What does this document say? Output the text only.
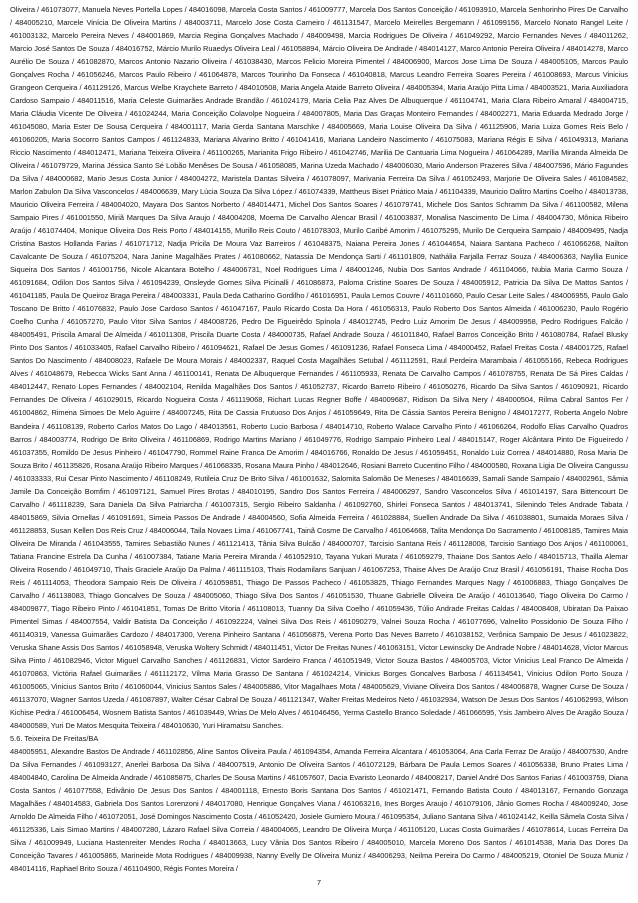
Oliveira / 461073077, Manuela Neves Portella Lopes / 484016098, Marcela Costa Santos / 461009777, Marcela Dos Santos Conceição / 461093910, Marcela Senhorinho Pires De Carvalho / 484005210, Marcele Vinícia De Oliveira Martins / 484003711, Marcelo Jose Costa Carneiro / 461131547, Marcelo Meirelles Bergemann / 461099156, Marcelo Nonato Rangel Leite / 461003132, Marcelo Pereira Neves / 484001869, Marcia Regina Gonçalves Machado / 484009498, Marcia Rodrigues De Oliveira / 461049292, Marcio Fernandes Neves / 484011262, Marcio José Santos De Souza / 484016752, Márcio Murilo Ruaedys Oliveira Leal / 461058894, Márcio Oliveira De Andrade / 484014127, Marco Antonio Pereira Oliveira / 484014278, Marco Aurélio De Souza / 461082870, Marcos Antonio Nazario Oliveira / 461038430, Marcos Felicio Moreira Pimentel / 484006900, Marcos Jose Lima De Souza / 484005105, Marcos Paulo Gonçalves Rocha / 461056246, Marcos Paulo Ribeiro / 461064878, Marcos Tourinho Da Fonseca / 461040818, Marcus Leandro Ferreira Soares Pereira / 461008693, Marcus Vinicius Grangeon Cerqueira / 461129126, Marcus Welbe Kraychete Barreto / 484010508, Maria Angela Ataide Barreto Oliveira / 484005394, Maria Araújo Pitta Lima / 484003521, Maria Auxiliadora Cardoso Sampaio / 484011516, Maria Celeste Guimarães Andrade Brandão / 461024179, Maria Celia Paz Alves De Albuquerque / 461104741, Maria Clara Ribeiro Amaral / 484004715, Maria Cláudia Vicente De Oliveira / 461024244, Maria Conceição Colavolpe Nogueira / 484007805, Maria Das Graças Monteiro Fernandes / 484002271, Maria Eduarda Medrado Jorge / 461045080, Maria Ester De Sousa Cerqueira / 484001117, Maria Gerda Santana Marschke / 484005669, Maria Louise Oliveira Da Silva / 461125906, Maria Luiza Gomes Reis Belo / 461060205, Maria Socorro Santos Campos / 461124833, Mariana Alvarino Britto / 461041416, Mariana Landeiro Nascimento / 461075083, Mariana Régis E Silva / 461049313, Mariana Riccio Nascimento / 484012471, Mariana Teixeira Oliveira / 461100265, Marianita Frigo Ribeiro / 461042746, Marilia De Cantuaria Lima Nogueira / 461064289, Marília Miranda Almeida De Oliveira / 461079729, Marina Jéssica Santo Sé Lobão Menêses De Sousa / 461058085, Marina Uzeda Machado / 484006030, Mario Anderson Prazeres Silva / 484007596, Mário Fagundes Da Silva / 484000682, Mario Jesus Costa Junior / 484004272, Maristela Dantas Silveira / 461078097, Marivania Ferreira Da Silva / 461052493, Marjorie De Oliveira Sales / 461084582, Marlon Zabulon Da Silva Vasconcelos / 484006639, Mary Lúcia Souza Da Silva López / 461074339, Mattheus Biset Priático Maia / 461104339, Mauricio Dalitro Martins Coelho / 484013738, Mauricio Oliveira Ferreira / 484004020, Mayara Dos Santos Norberto / 484014471, Michel Dos Santos Soares / 461079741, Michele Dos Santos Schramm Da Silva / 461100582, Milena Sampaio Pires / 461001550, Miriã Marques Da Silva Araujo / 484004208, Moema De Carvalho Alencar Brasil / 461003837, Monalisa Nascimento De Lima / 484004730, Mônica Ribeiro Araújo / 461074404, Monique Oliveira Dos Reis Porto / 484014155, Murillo Reis Couto / 461078303, Murilo Caribé Amorim / 461075295, Murilo De Cerqueira Sampaio / 484009495, Nadja Cristina Bastos Hollanda Farias / 461071712, Nadja Pricila De Moura Vaz Barreiros / 461048375, Naiana Pereira Jones / 461044654, Naiara Santana Pacheco / 461066268, Nailton Cavalcante De Souza / 461075204, Nara Janine Magalhães Prates / 461080662, Natassia De Mendonça Sarti / 461101809, Nathália Farjalla Ferraz Souza / 484006363, Nayllia Eunice Siqueira Dos Santos / 461001756, Nicole Alcantara Botelho / 484006731, Noel Rodrigues Lima / 484001246, Nubia Dos Santos Andrade / 461104066, Nubia Maria Carmo Souza / 461091684, Odilon Dos Santos Silva / 461094239, Onsleyde Gomes Silva Picinalli / 461086873, Paloma Cristine Soares De Souza / 484005912, Patricia Da Silva De Mattos Santos / 461041185, Paula De Queiroz Braga Pereira / 484003331, Paula Deda Catharino Gordilho / 461016951, Paula Lemos Couvre / 461101660, Paulo Cesar Leite Sales / 484006955, Paulo Galo Toscano De Britto / 461076832, Paulo Jose Cardoso Santos / 461047167, Paulo Ricardo Costa Da Hora / 461056313, Paulo Roberto Dos Santos Almeida / 461006230, Paulo Rogério Coelho Cunha / 461057270, Paulo Vitor Silva Santos / 484008726, Pedro De Figueirêdo Spínola / 484012745, Pedro Luiz Amorim De Jesus / 484009958, Pedro Rodrigues Falcão / 484005491, Priscila Amaral De Almeida / 461011308, Priscila Duarte Costa / 484000735, Rafael Andrade Souza / 461011840, Rafael Barros Conceição Brito / 461080784, Rafael Blusky Pinto Dos Santos / 461033405, Rafael Carvalho Ribeiro / 461094621, Rafael De Jesus Gomes / 461091236, Rafael Fonseca Lima / 484000452, Rafael Freitas Costa / 484001725, Rafael Santos Do Nascimento / 484008023, Rafaele De Moura Morais / 484002337, Raquel Costa Magalhães Setubal / 461112591, Raul Perdeira Marambaia / 461055166, Rebeca Rodrigues Alves / 461048679, Rebecca Wicks Sant Anna / 461100141, Renata De Albuquerque Fernandes / 461105933, Renata De Carvalho Campos / 461078755, Renata De Sá Pires Caldas / 484012447, Renato Lopes Fernandes / 484002104, Renilda Magalhães Dos Santos / 461052737, Ricardo Barreto Ribeiro / 461050276, Ricardo Da Silva Santos / 461090921, Ricardo Fernandes De Oliveira / 461029015, Ricardo Nogueira Costa / 461119068, Richart Lucas Regner Boffe / 484009687, Ridison Da Silva Nery / 484000504, Rilma Cabral Santos Fer / 461004862, Rimena Simoes De Melo Aguirre / 484007245, Rita De Cassia Frutuoso Dos Anjos / 461059649, Rita De Cássia Santos Pereira Benigno / 484017277, Roberta Angelo Nobre Bandeira / 461108139, Roberto Carlos Matos Do Lago / 484013561, Roberto Lucio Barbosa / 484014710, Roberto Walace Carvalho Pinto / 461066264, Rodolfo Elias Carvalho Quadros Barros / 484003774, Rodrigo De Brito Oliveira / 461106869, Rodrigo Martins Mariano / 461049776, Rodrigo Sampaio Pinheiro Leal / 484015147, Roger Alcântara Pinto De Figueiredo / 461037355, Romildo De Jesus Pinheiro / 461047790, Rommel Raine Franca De Amorim / 484016766, Ronaldo De Jesus / 461059451, Ronaldo Luiz Correa / 484014880, Rosa Maria De Souza Brito / 461135826, Rosana Araújo Ribeiro Marques / 461068335, Rosana Maura Pinho / 484012646, Rosiani Barreto Cucentino Filho / 484000580, Roxana Ligia De Oliveira Cangussu / 461033333, Rui Cesar Pinto Nascimento / 461108249, Rutileia Cruz De Brito Silva / 461001632, Salomita Salomão De Meneses / 484016639, Samali Sande Sampaio / 484002961, Sâmia Jamile Da Conceição Bomfim / 461097121, Samuel Pires Brotas / 484010195, Sandro Dos Santos Ferreira / 484006297, Sandro Vasconcelos Silva / 461014197, Sara Bittencourt De Carvalho / 461118239, Sara Daniela Da Silva Patriarcha / 461007315, Sergio Ribeiro Saldanha / 461092760, Shirlei Fonseca Santos / 484013741, Silenindo Teles Andrade Tabata / 484015869, Silvia Ornellas / 461091691, Simeia Passos De Andrade / 484004560, Sofia Almeida Ferreira / 461028884, Suellen Andrade Da Silva / 461038801, Sumaida Moraes Silva / 461128853, Susan Kellen Dos Reis Cruz / 484006044, Taila Novaes Lima / 461067741, Tainã Cosme De Carvalho / 461064668, Talita Mendonça Do Sacramento / 461008185, Tamires Maia Oliveira De Miranda / 461043555, Tamires Sebastião Nunes / 461121413, Tânia Silva Bulcão / 484000707, Tarcisio Santana Reis / 461128008, Tarcisio Santiago Dos Anjos / 461100061, Tatiana Francine Estrela Da Cunha / 461007384, Tatiane Maria Pereira Miranda / 461052910, Tayana Yukari Murata / 461059279, Thaiane Dos Santos Aelo / 484015713, Thailla Alemar Oliveira Rosendo / 461049710, Thaís Graciele Araújo Da Palma / 461115103, Thais Rodamilans Sanjuan / 461067253, Thaise Alves De Araújo Cruz Brasil / 461056191, Thaise Rocha Dos Reis / 461114053, Theodora Sampaio Reis De Oliveira / 461059851, Thiago De Passos Pacheco / 461053825, Thiago Fernandes Marques Nagy / 461006883, Thiago Gonçalves De Carvalho / 461138083, Thiago Goncalves De Souza / 484005060, Thiago Silva Dos Santos / 461051530, Thuane Gabrielle Oliveira De Araújo / 461013640, Tiago Oliveira Do Carmo / 484009877, Tiago Ribeiro Pinto / 461041851, Tomas De Britto Vitoria / 461108013, Tuanny Da Silva Coelho / 461059436, Túlio Andrade Freitas Caldas / 484008408, Ubiratan Da Paixao Pimentel Simas / 484007554, Valdir Batista Da Conceição / 461092224, Valnei Silva Dos Reis / 461090279, Valnei Souza Rocha / 461077696, Valnelito Possidonio De Souza Filho / 461140319, Vanessa Guimarães Cardozo / 484017300, Verena Pinheiro Santana / 461056875, Verena Porto Das Neves Barreto / 461038152, Verônica Sampaio De Jesus / 461023822, Veruska Shane Assis Dos Santos / 461058948, Veruska Woltery Schmidt / 484011451, Victor De Freitas Nunes / 461063151, Victor Lewinscky De Andrade Nobre / 484014628, Victor Marcus Silva Pinto / 461082946, Victor Miguel Carvalho Sanches / 461126831, Victor Sardeiro Franca / 461051949, Victor Souza Bastos / 484005703, Victor Vinicius Leal Franco De Almeida / 461070863, Victória Rafael Guimarães / 461112172, Vilma Maria Grasso De Santana / 461024214, Vinicius Borges Goncalves Barbosa / 461134541, Vinicius Odilon Porto Souza / 461005065, Vinicius Santos Brito / 461060044, Vinicius Santos Sales / 484005886, Vitor Magalhaes Mota / 484005629, Viviane Oliveira Dos Santos / 484006878, Wagner Curse De Souza / 461137070, Wagner Santos Uzeda / 461087897, Walter César Cabral De Souza / 461121347, Walter Freitas Medeiros Neto / 461032934, Watson De Jesus Dos Santos / 461062993, Wilson Kichise Pedra / 461006454, Wosnem Batista Santos / 461039449, Wrias De Melo Alves / 461046456, Yerma Castello Branco Soledade / 461066595, Ysis Jambeiro Alves De Aragão Souza / 484000589, Yuri De Matos Mesquita Teixeira / 484010630, Yuri Hiramatsu Sanches.

5.6. Teixeira De Freitas/BA

484005951, Alexandre Bastos De Andrade / 461102856, Aline Santos Oliveira Paula / 461094354, Amanda Ferreira Alcantara / 461053064, Ana Carla Ferraz De Araújo / 484007530, Andre Da Silva Fernandes / 461093127, Anerlei Barbosa Da Silva / 484007519, Antonio De Oliveira Santos / 461072129, Bárbara De Paula Lemos Soares / 461056338, Bruno Prates Lima / 484004840, Carolina De Almeida Andrade / 461085875, Charles De Sousa Martins / 461057607, Dacia Evaristo Leonardo / 484008217, Daniel André Dos Santos Farias / 461003759, Diana Costa Santos / 461077558, Edivânio De Jesus Dos Santos / 484001118, Ernesto Boris Santana Dos Santos / 461021471, Fernando Batista Couto / 484013167, Fernando Gonzaga Magalhães / 484014583, Gabriela Dos Santos Lorenzoni / 484017080, Henrique Gonçalves Viana / 461063216, Ines Borges Araujo / 461079106, Jânio Gomes Rocha / 484009240, Jose Arnoldo De Almeida Filho / 461072051, José Domingos Nascimento Costa / 461052420, Josiele Gumiero Moura / 461095354, Juliano Santana Silva / 461024142, Keilla Sâmela Costa Silva / 461125336, Lais Simao Martins / 484007280, Lázaro Rafael Silva Correia / 484004065, Leandro De Oliveira Murça / 461105120, Lucas Costa Guimarães / 461078614, Lucas Ferreira Da Silva / 461009949, Luciana Hastenreiter Mendes Rocha / 484013663, Lucy Vânia Dos Santos Ribeiro / 484005010, Marcela Moreno Dos Santos / 461014538, Maria Das Dores Da Conceição Tavares / 461005865, Marineide Mota Rodrigues / 484009938, Nanny Evelly De Oliveira Muniz / 484006293, Neilma Pereira Do Carmo / 484005219, Otoniel De Souza Muniz / 484014116, Raphael Brito Souza / 461104900, Régis Fontes Moreira /

7
